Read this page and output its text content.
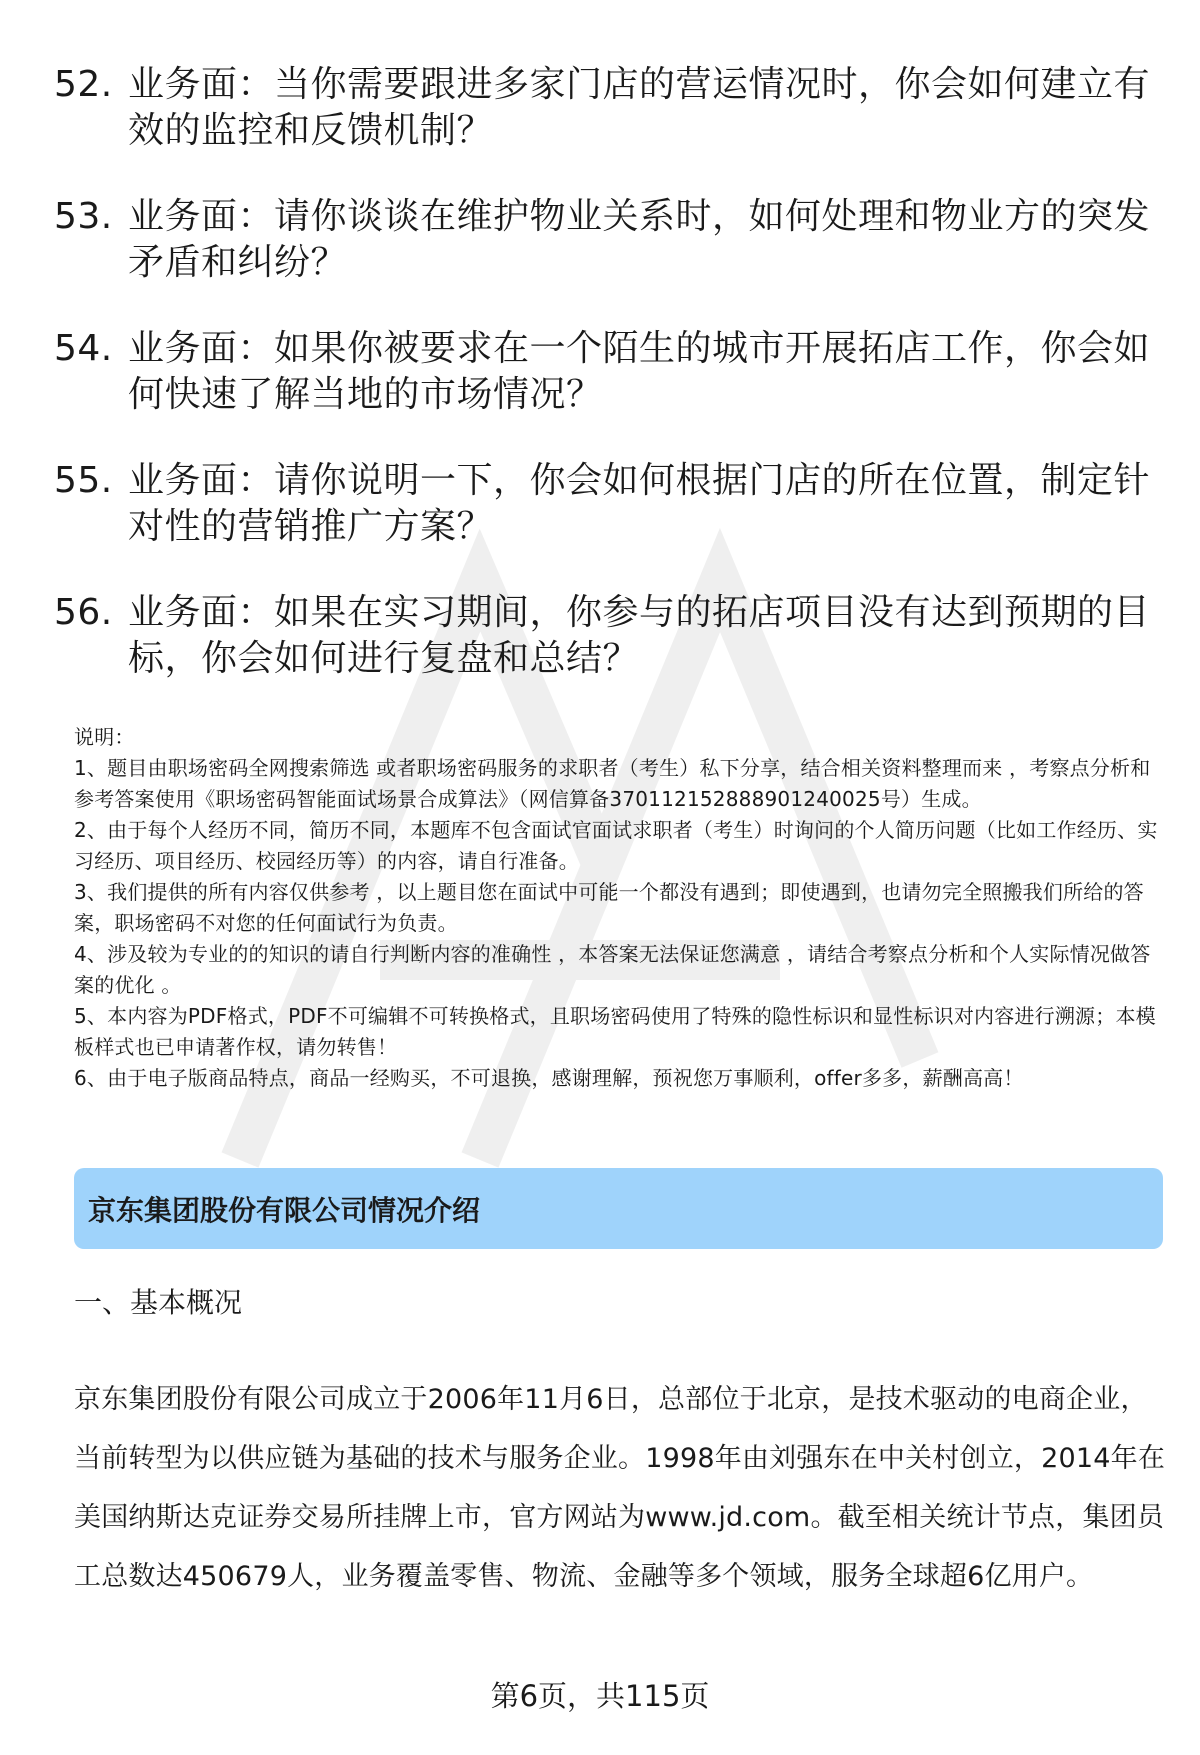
52. 业务面：当你需要跟进多家门店的营运情况时，你会如何建立有效的监控和反馈机制？
53. 业务面：请你谈谈在维护物业关系时，如何处理和物业方的突发矛盾和纠纷？
54. 业务面：如果你被要求在一个陌生的城市开展拓店工作，你会如何快速了解当地的市场情况？
55. 业务面：请你说明一下，你会如何根据门店的所在位置，制定针对性的营销推广方案？
56. 业务面：如果在实习期间，你参与的拓店项目没有达到预期的目标，你会如何进行复盘和总结？

说明：

1、题目由职场密码全网搜索筛选 或者职场密码服务的求职者（考生）私下分享，结合相关资料整理而来 ，考察点分析和参考答案使用《职场密码智能面试场景合成算法》（网信算备370112152888901240025号）生成。

2、由于每个人经历不同，简历不同，本题库不包含面试官面试求职者（考生）时询问的个人简历问题（比如工作经历、实习经历、项目经历、校园经历等）的内容，请自行准备。

3、我们提供的所有内容仅供参考 ，以上题目您在面试中可能一个都没有遇到；即使遇到，也请勿完全照搬我们所给的答案，职场密码不对您的任何面试行为负责。

4、涉及较为专业的的知识的请自行判断内容的准确性 ，本答案无法保证您满意 ，请结合考察点分析和个人实际情况做答案的优化 。

5、本内容为PDF格式，PDF不可编辑不可转换格式，且职场密码使用了特殊的隐性标识和显性标识对内容进行溯源；本模板样式也已申请著作权，请勿转售！

6、由于电子版商品特点，商品一经购买，不可退换，感谢理解，预祝您万事顺利，offer多多，薪酬高高！

京东集团股份有限公司情况介绍
一、基本概况
京东集团股份有限公司成立于2006年11月6日，总部位于北京，是技术驱动的电商企业，当前转型为以供应链为基础的技术与服务企业。1998年由刘强东在中关村创立，2014年在美国纳斯达克证券交易所挂牌上市，官方网站为www.jd.com。截至相关统计节点，集团员工总数达450679人，业务覆盖零售、物流、金融等多个领域，服务全球超6亿用户。
第6页，共115页
